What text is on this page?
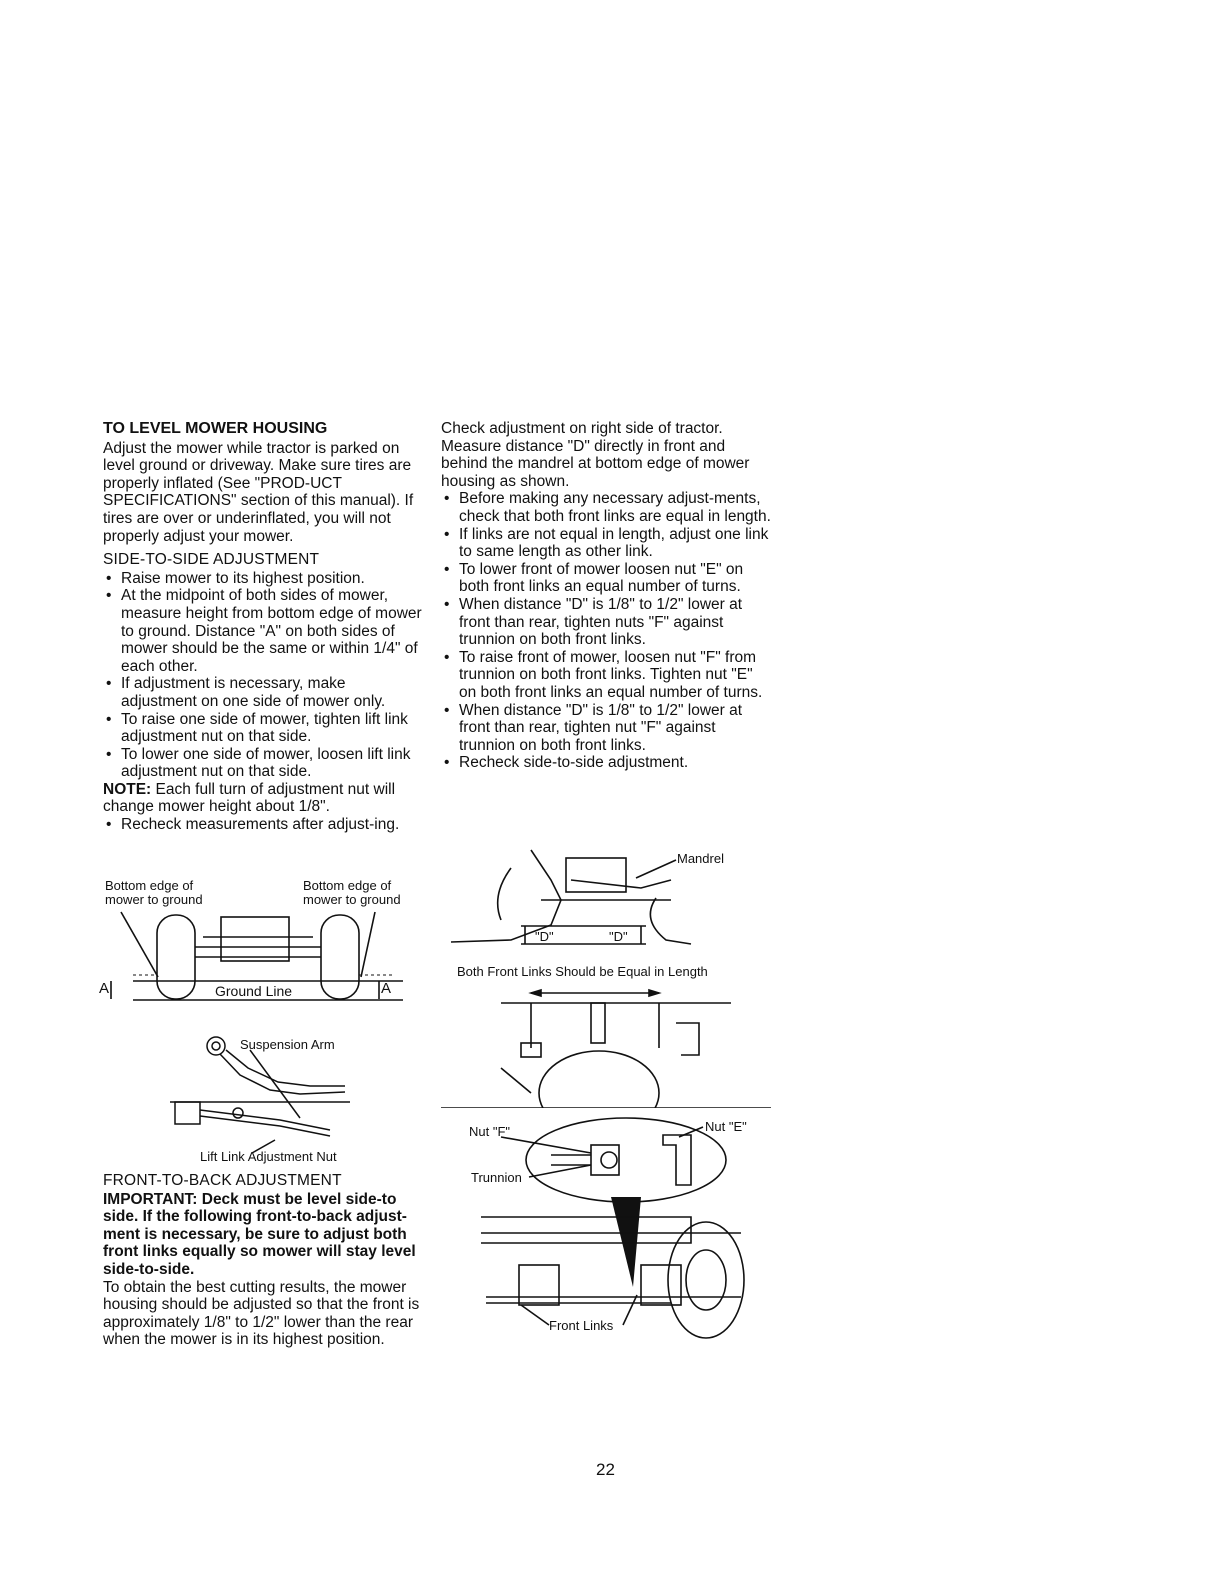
TO LEVEL MOWER HOUSING

Adjust the mower while tractor is parked on level ground or driveway. Make sure tires are properly inflated (See "PROD-UCT SPECIFICATIONS" section of this manual). If tires are over or underinflated, you will not properly adjust your mower.

SIDE-TO-SIDE ADJUSTMENT
• Raise mower to its highest position.
• At the midpoint of both sides of mower, measure height from bottom edge of mower to ground. Distance "A" on both sides of mower should be the same or within 1/4" of each other.
• If adjustment is necessary, make adjustment on one side of mower only.
• To raise one side of mower, tighten lift link adjustment nut on that side.
• To lower one side of mower, loosen lift link adjustment nut on that side.

NOTE: Each full turn of adjustment nut will change mower height about 1/8".

• Recheck measurements after adjust-ing.
Bottom edge of mower to ground
Bottom edge of mower to ground
A	Ground Line	A
Suspension Arm
Lift Link Adjustment Nut
FRONT-TO-BACK ADJUSTMENT

IMPORTANT: Deck must be level side-to side. If the following front-to-back adjust-ment is necessary, be sure to adjust both front links equally so mower will stay level side-to-side.

To obtain the best cutting results, the mower housing should be adjusted so that the front is approximately 1/8" to 1/2" lower than the rear when the mower is in its highest position.

Check adjustment on right side of tractor. Measure distance "D" directly in front and behind the mandrel at bottom edge of mower housing as shown.

• Before making any necessary adjust-ments, check that both front links are equal in length.
• If links are not equal in length, adjust one link to same length as other link.
• To lower front of mower loosen nut "E" on both front links an equal number of turns.
• When distance "D" is 1/8" to 1/2" lower at front than rear, tighten nuts "F" against trunnion on both front links.
• To raise front of mower, loosen nut "F" from trunnion on both front links. Tighten nut "E" on both front links an equal number of turns.
• When distance "D" is 1/8" to 1/2" lower at front than rear, tighten nut "F" against trunnion on both front links.
• Recheck side-to-side adjustment.
Mandrel
"D"	"D"
Both Front Links Should be Equal in Length
Nut "F"	Nut "E"
Trunnion
Front Links
22
